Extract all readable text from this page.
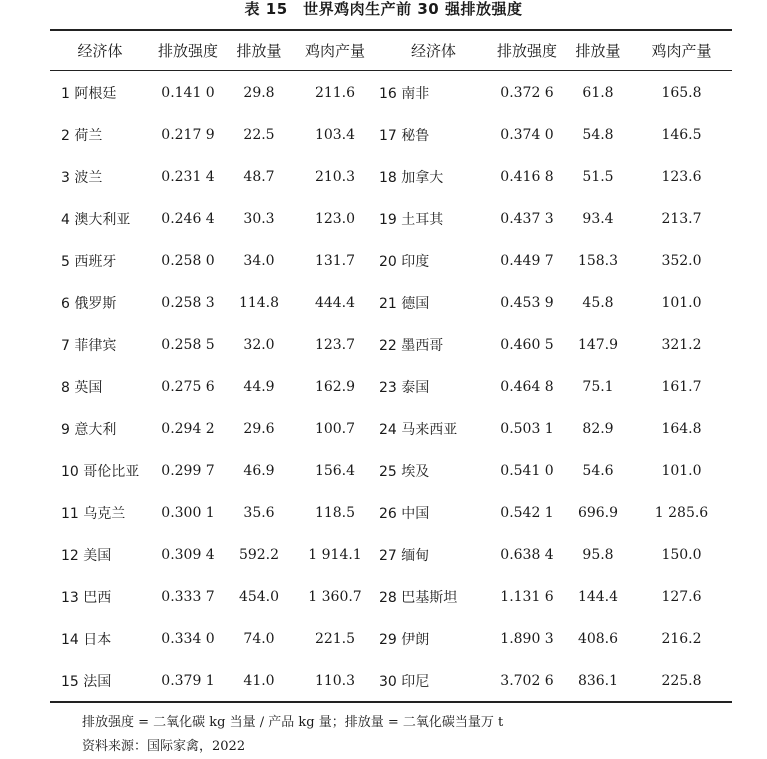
表 15　世界鸡肉生产前 30 强排放强度
经济体	排放强度	排放量	鸡肉产量	经济体	排放强度	排放量	鸡肉产量
1 阿根廷	0.141 0	29.8	211.6	16 南非	0.372 6	61.8	165.8
2 荷兰	0.217 9	22.5	103.4	17 秘鲁	0.374 0	54.8	146.5
3 波兰	0.231 4	48.7	210.3	18 加拿大	0.416 8	51.5	123.6
4 澳大利亚	0.246 4	30.3	123.0	19 土耳其	0.437 3	93.4	213.7
5 西班牙	0.258 0	34.0	131.7	20 印度	0.449 7	158.3	352.0
6 俄罗斯	0.258 3	114.8	444.4	21 德国	0.453 9	45.8	101.0
7 菲律宾	0.258 5	32.0	123.7	22 墨西哥	0.460 5	147.9	321.2
8 英国	0.275 6	44.9	162.9	23 泰国	0.464 8	75.1	161.7
9 意大利	0.294 2	29.6	100.7	24 马来西亚	0.503 1	82.9	164.8
10 哥伦比亚	0.299 7	46.9	156.4	25 埃及	0.541 0	54.6	101.0
11 乌克兰	0.300 1	35.6	118.5	26 中国	0.542 1	696.9	1 285.6
12 美国	0.309 4	592.2	1 914.1	27 缅甸	0.638 4	95.8	150.0
13 巴西	0.333 7	454.0	1 360.7	28 巴基斯坦	1.131 6	144.4	127.6
14 日本	0.334 0	74.0	221.5	29 伊朗	1.890 3	408.6	216.2
15 法国	0.379 1	41.0	110.3	30 印尼	3.702 6	836.1	225.8
排放强度 = 二氧化碳 kg 当量 / 产品 kg 量；排放量 = 二氧化碳当量万 t
资料来源：国际家禽，2022
